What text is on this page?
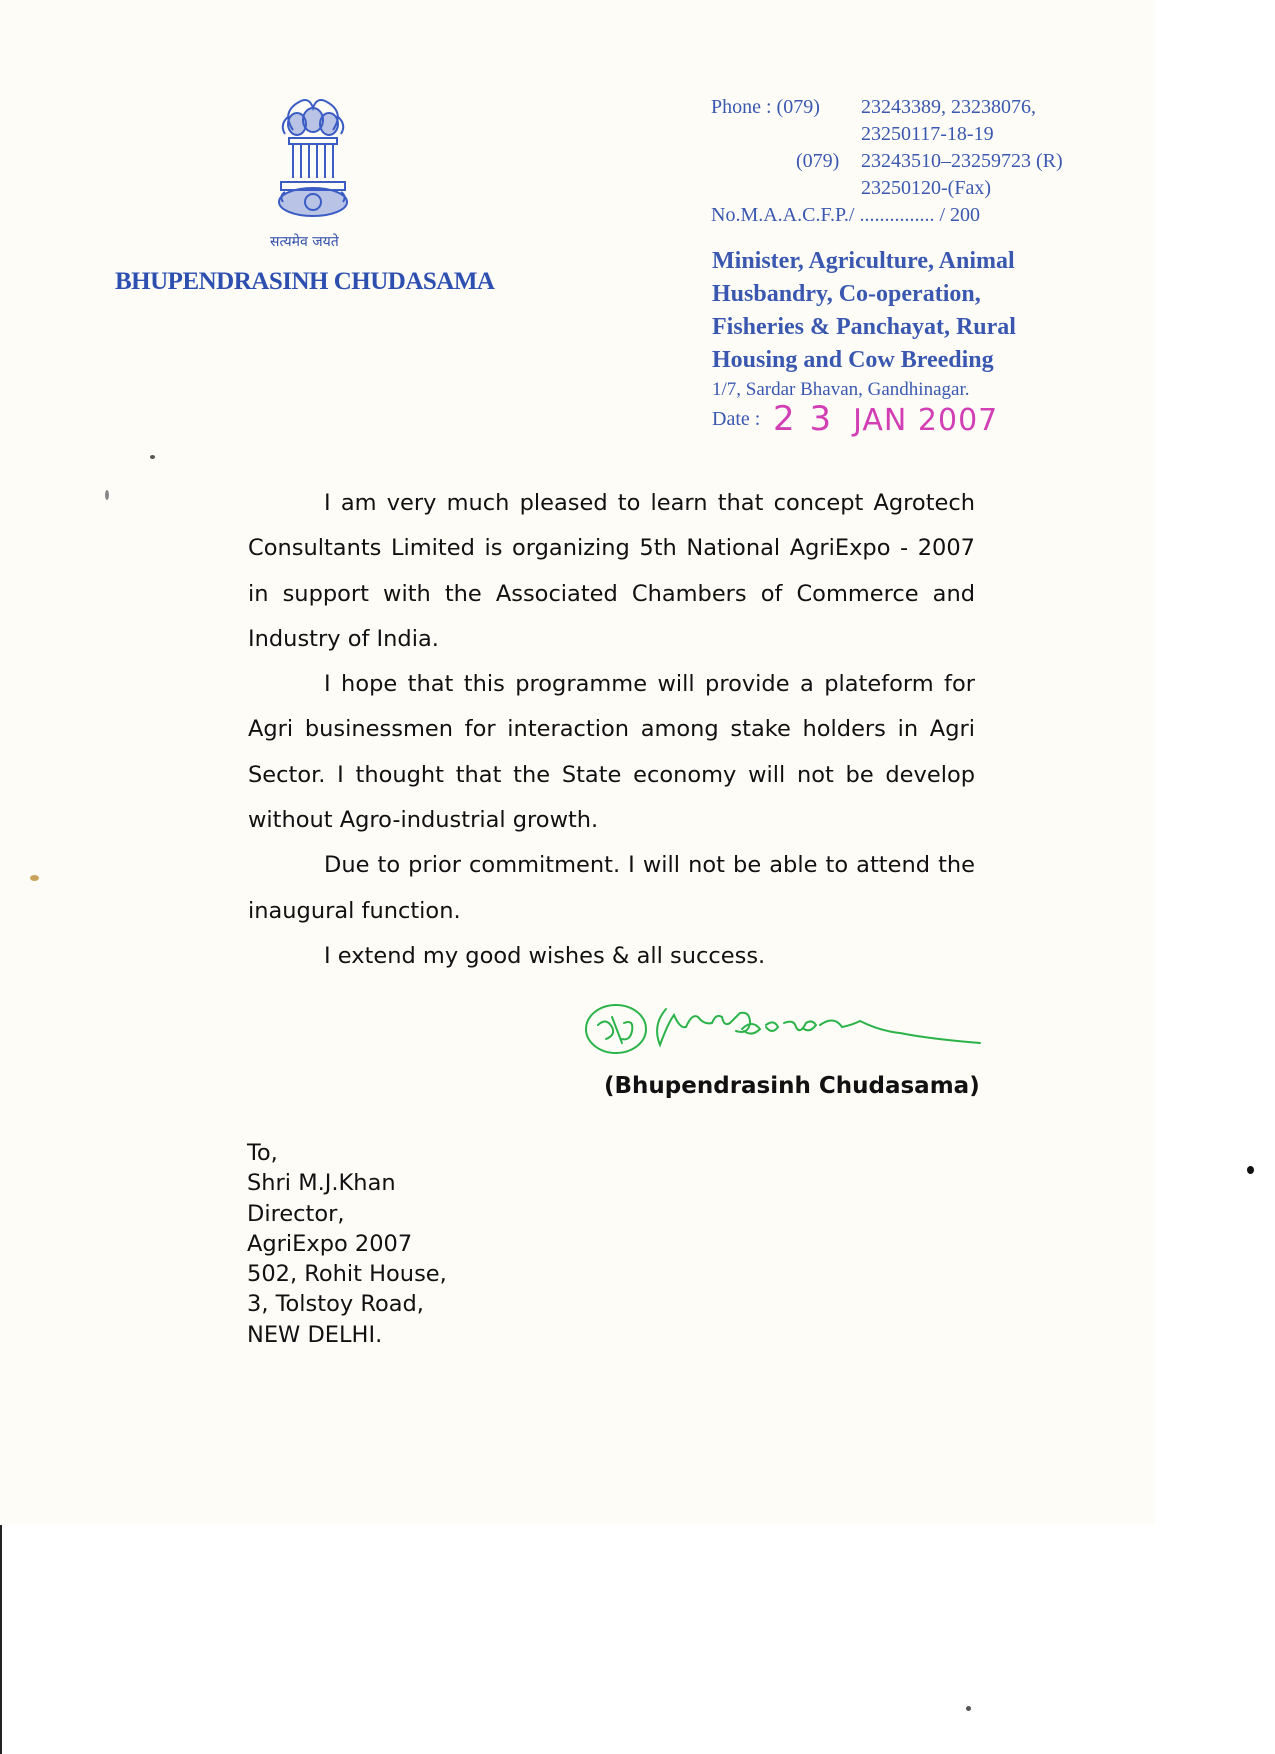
सत्यमेव जयते
BHUPENDRASINH CHUDASAMA
Phone : (079) 23243389, 23238076,
23250117-18-19
(079) 23243510–23259723 (R)
23250120-(Fax)
No.M.A.A.C.F.P./ ............... / 200
Minister, Agriculture, Animal
Husbandry, Co-operation,
Fisheries & Panchayat, Rural
Housing and Cow Breeding
1/7, Sardar Bhavan, Gandhinagar.
Date : 2 3 JAN 2007

I am very much pleased to learn that concept Agrotech Consultants Limited is organizing 5th National AgriExpo - 2007 in support with the Associated Chambers of Commerce and Industry of India.

I hope that this programme will provide a plateform for Agri businessmen for interaction among stake holders in Agri Sector. I thought that the State economy will not be develop without Agro-industrial growth.

Due to prior commitment. I will not be able to attend the inaugural function.

I extend my good wishes & all success.

(Bhupendrasinh Chudasama)
To,
Shri M.J.Khan
Director,
AgriExpo 2007
502, Rohit House,
3, Tolstoy Road,
NEW DELHI.
